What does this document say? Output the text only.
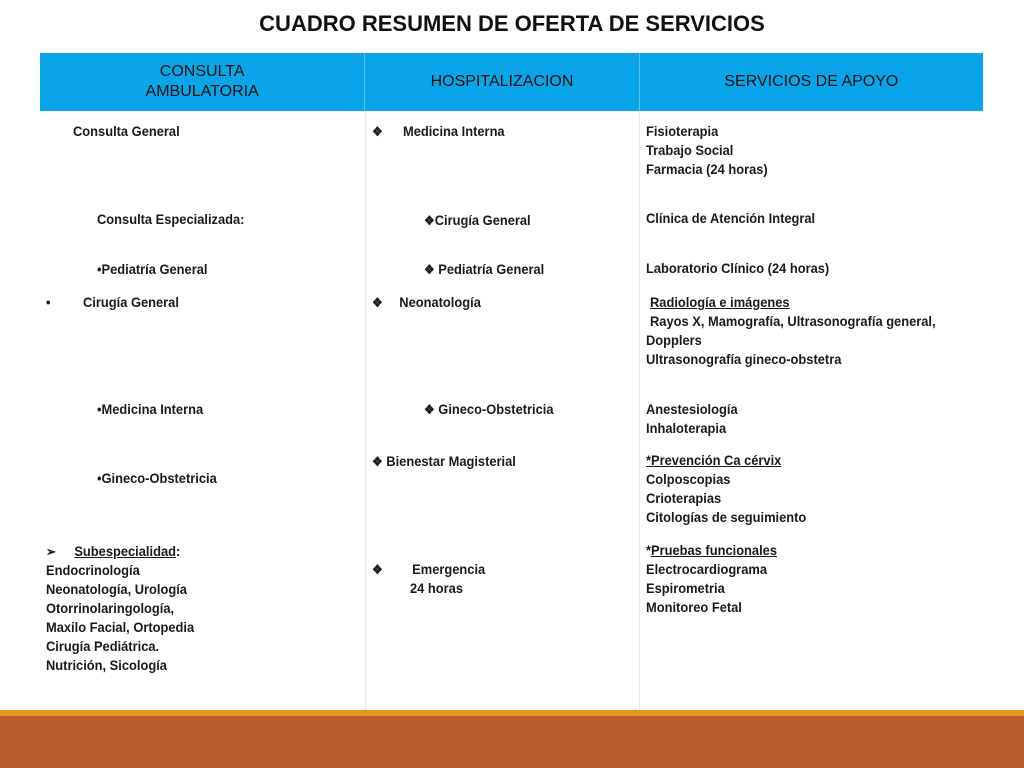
CUADRO RESUMEN DE OFERTA DE SERVICIOS
CONSULTA
AMBULATORIA
HOSPITALIZACION	SERVICIOS DE APOYO
Consulta General
Consulta Especializada:
•Pediatría General
• Cirugía General
•Medicina Interna
•Gineco-Obstetricia
➢ Subespecialidad:
Endocrinología
Neonatología, Urología
Otorrinolaringología,
Maxilo Facial, Ortopedia
Cirugía Pediátrica.
Nutrición, Sicología
❖ Medicina Interna
❖Cirugía General
❖ Pediatría General
❖ Neonatología
❖ Gineco-Obstetricia
❖ Bienestar Magisterial
❖ Emergencia
24 horas
Fisioterapia
Trabajo Social
Farmacia (24 horas)
Clínica de Atención Integral
Laboratorio Clínico (24 horas)
Radiología e imágenes
Rayos X, Mamografía, Ultrasonografía general,
Dopplers
Ultrasonografía gineco-obstetra
Anestesiología
Inhaloterapia
*Prevención Ca cérvix
Colposcopias
Crioterapias
Citologías de seguimiento
*Pruebas funcionales
Electrocardiograma
Espirometria
Monitoreo Fetal
